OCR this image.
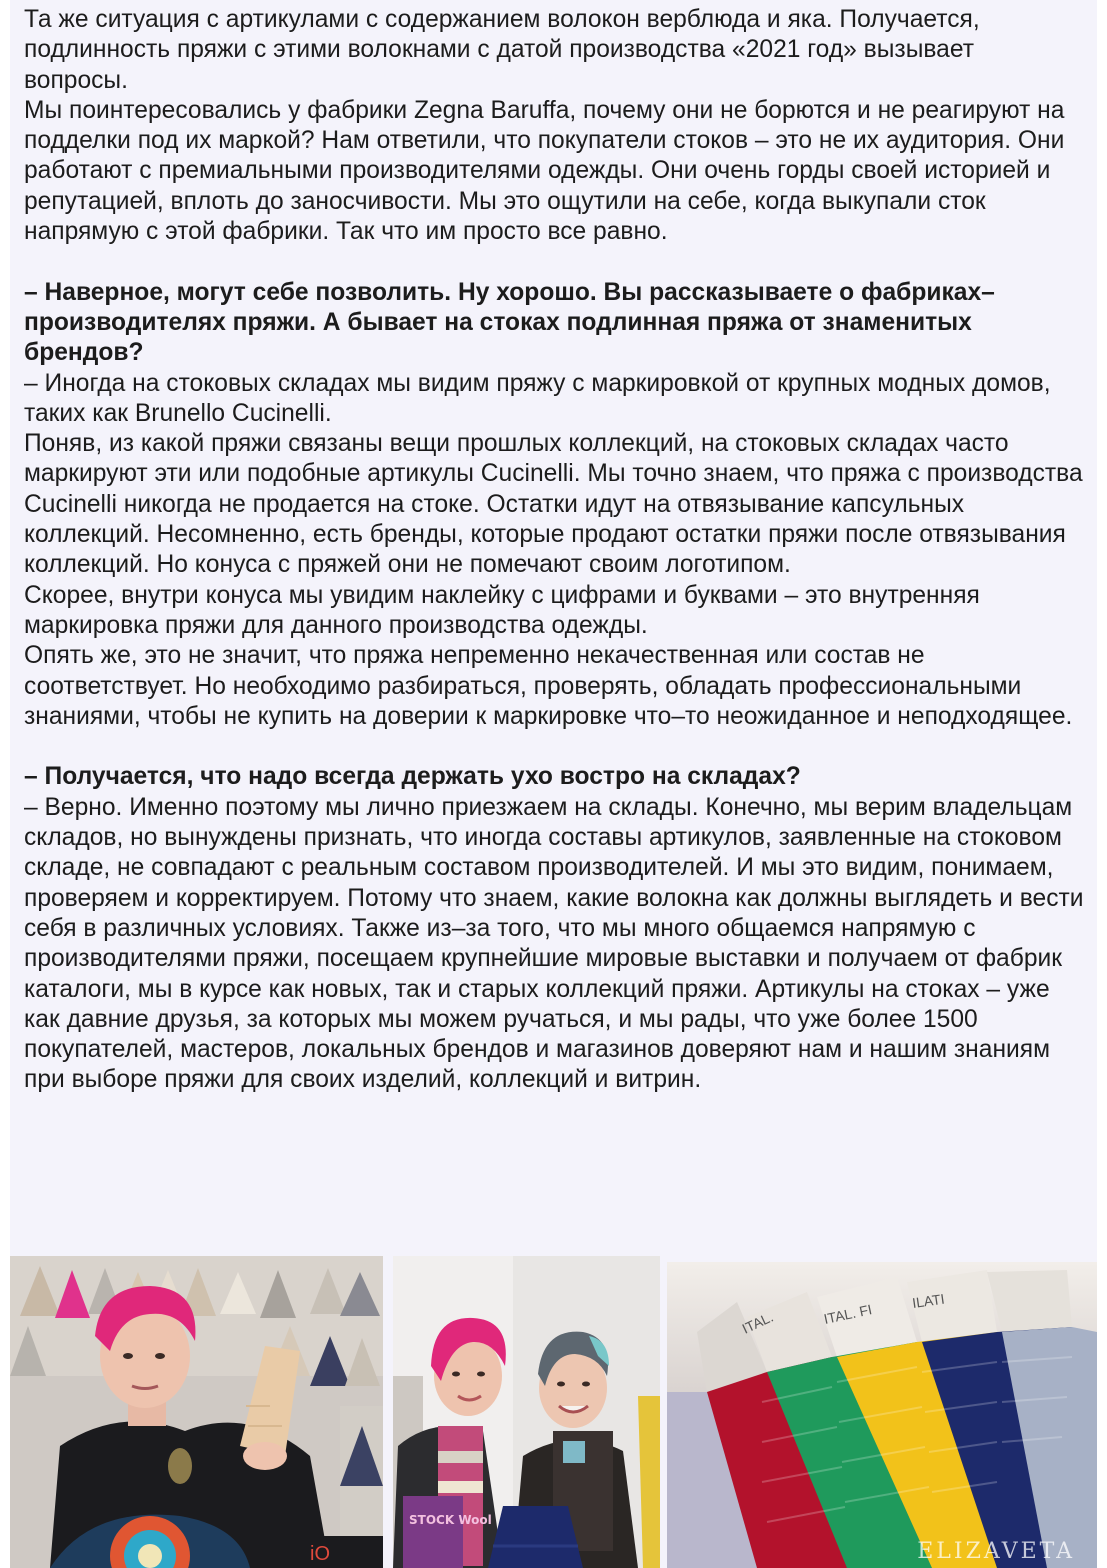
Та же ситуация с артикулами с содержанием волокон верблюда и яка. Получается, подлинность пряжи с этими волокнами с датой производства «2021 год» вызывает вопросы.

Мы поинтересовались у фабрики Zegna Baruffa, почему они не борются и не реагируют на подделки под их маркой? Нам ответили, что покупатели стоков – это не их аудитория. Они работают с премиальными производителями одежды. Они очень горды своей историей и репутацией, вплоть до заносчивости. Мы это ощутили на себе, когда выкупали сток напрямую с этой фабрики. Так что им просто все равно.

– Наверное, могут себе позволить. Ну хорошо. Вы рассказываете о фабриках–производителях пряжи. А бывает на стоках подлинная пряжа от знаменитых брендов?

– Иногда на стоковых складах мы видим пряжу с маркировкой от крупных модных домов, таких как Brunello Cucinelli.

Поняв, из какой пряжи связаны вещи прошлых коллекций, на стоковых складах часто маркируют эти или подобные артикулы Cucinelli. Мы точно знаем, что пряжа с производства Cucinelli никогда не продается на стоке. Остатки идут на отвязывание капсульных коллекций. Несомненно, есть бренды, которые продают остатки пряжи после отвязывания коллекций. Но конуса с пряжей они не помечают своим логотипом.

Скорее, внутри конуса мы увидим наклейку с цифрами и буквами – это внутренняя маркировка пряжи для данного производства одежды.

Опять же, это не значит, что пряжа непременно некачественная или состав не соответствует. Но необходимо разбираться, проверять, обладать профессиональными знаниями, чтобы не купить на доверии к маркировке что–то неожиданное и неподходящее.

– Получается, что надо всегда держать ухо востро на складах?

– Верно. Именно поэтому мы лично приезжаем на склады. Конечно, мы верим владельцам складов, но вынуждены признать, что иногда составы артикулов, заявленные на стоковом складе, не совпадают с реальным составом производителей. И мы это видим, понимаем, проверяем и корректируем. Потому что знаем, какие волокна как должны выглядеть и вести себя в различных условиях. Также из–за того, что мы много общаемся напрямую с производителями пряжи, посещаем крупнейшие мировые выставки и получаем от фабрик каталоги, мы в курсе как новых, так и старых коллекций пряжи. Артикулы на стоках – уже как давние друзья, за которых мы можем ручаться, и мы рады, что уже более 1500 покупателей, мастеров, локальных брендов и магазинов доверяют нам и нашим знаниям при выборе пряжи для своих изделий, коллекций и витрин.

iO
STOCK Wool
ITAL.	ITAL. FI
ILATI
ELIZAVETA
